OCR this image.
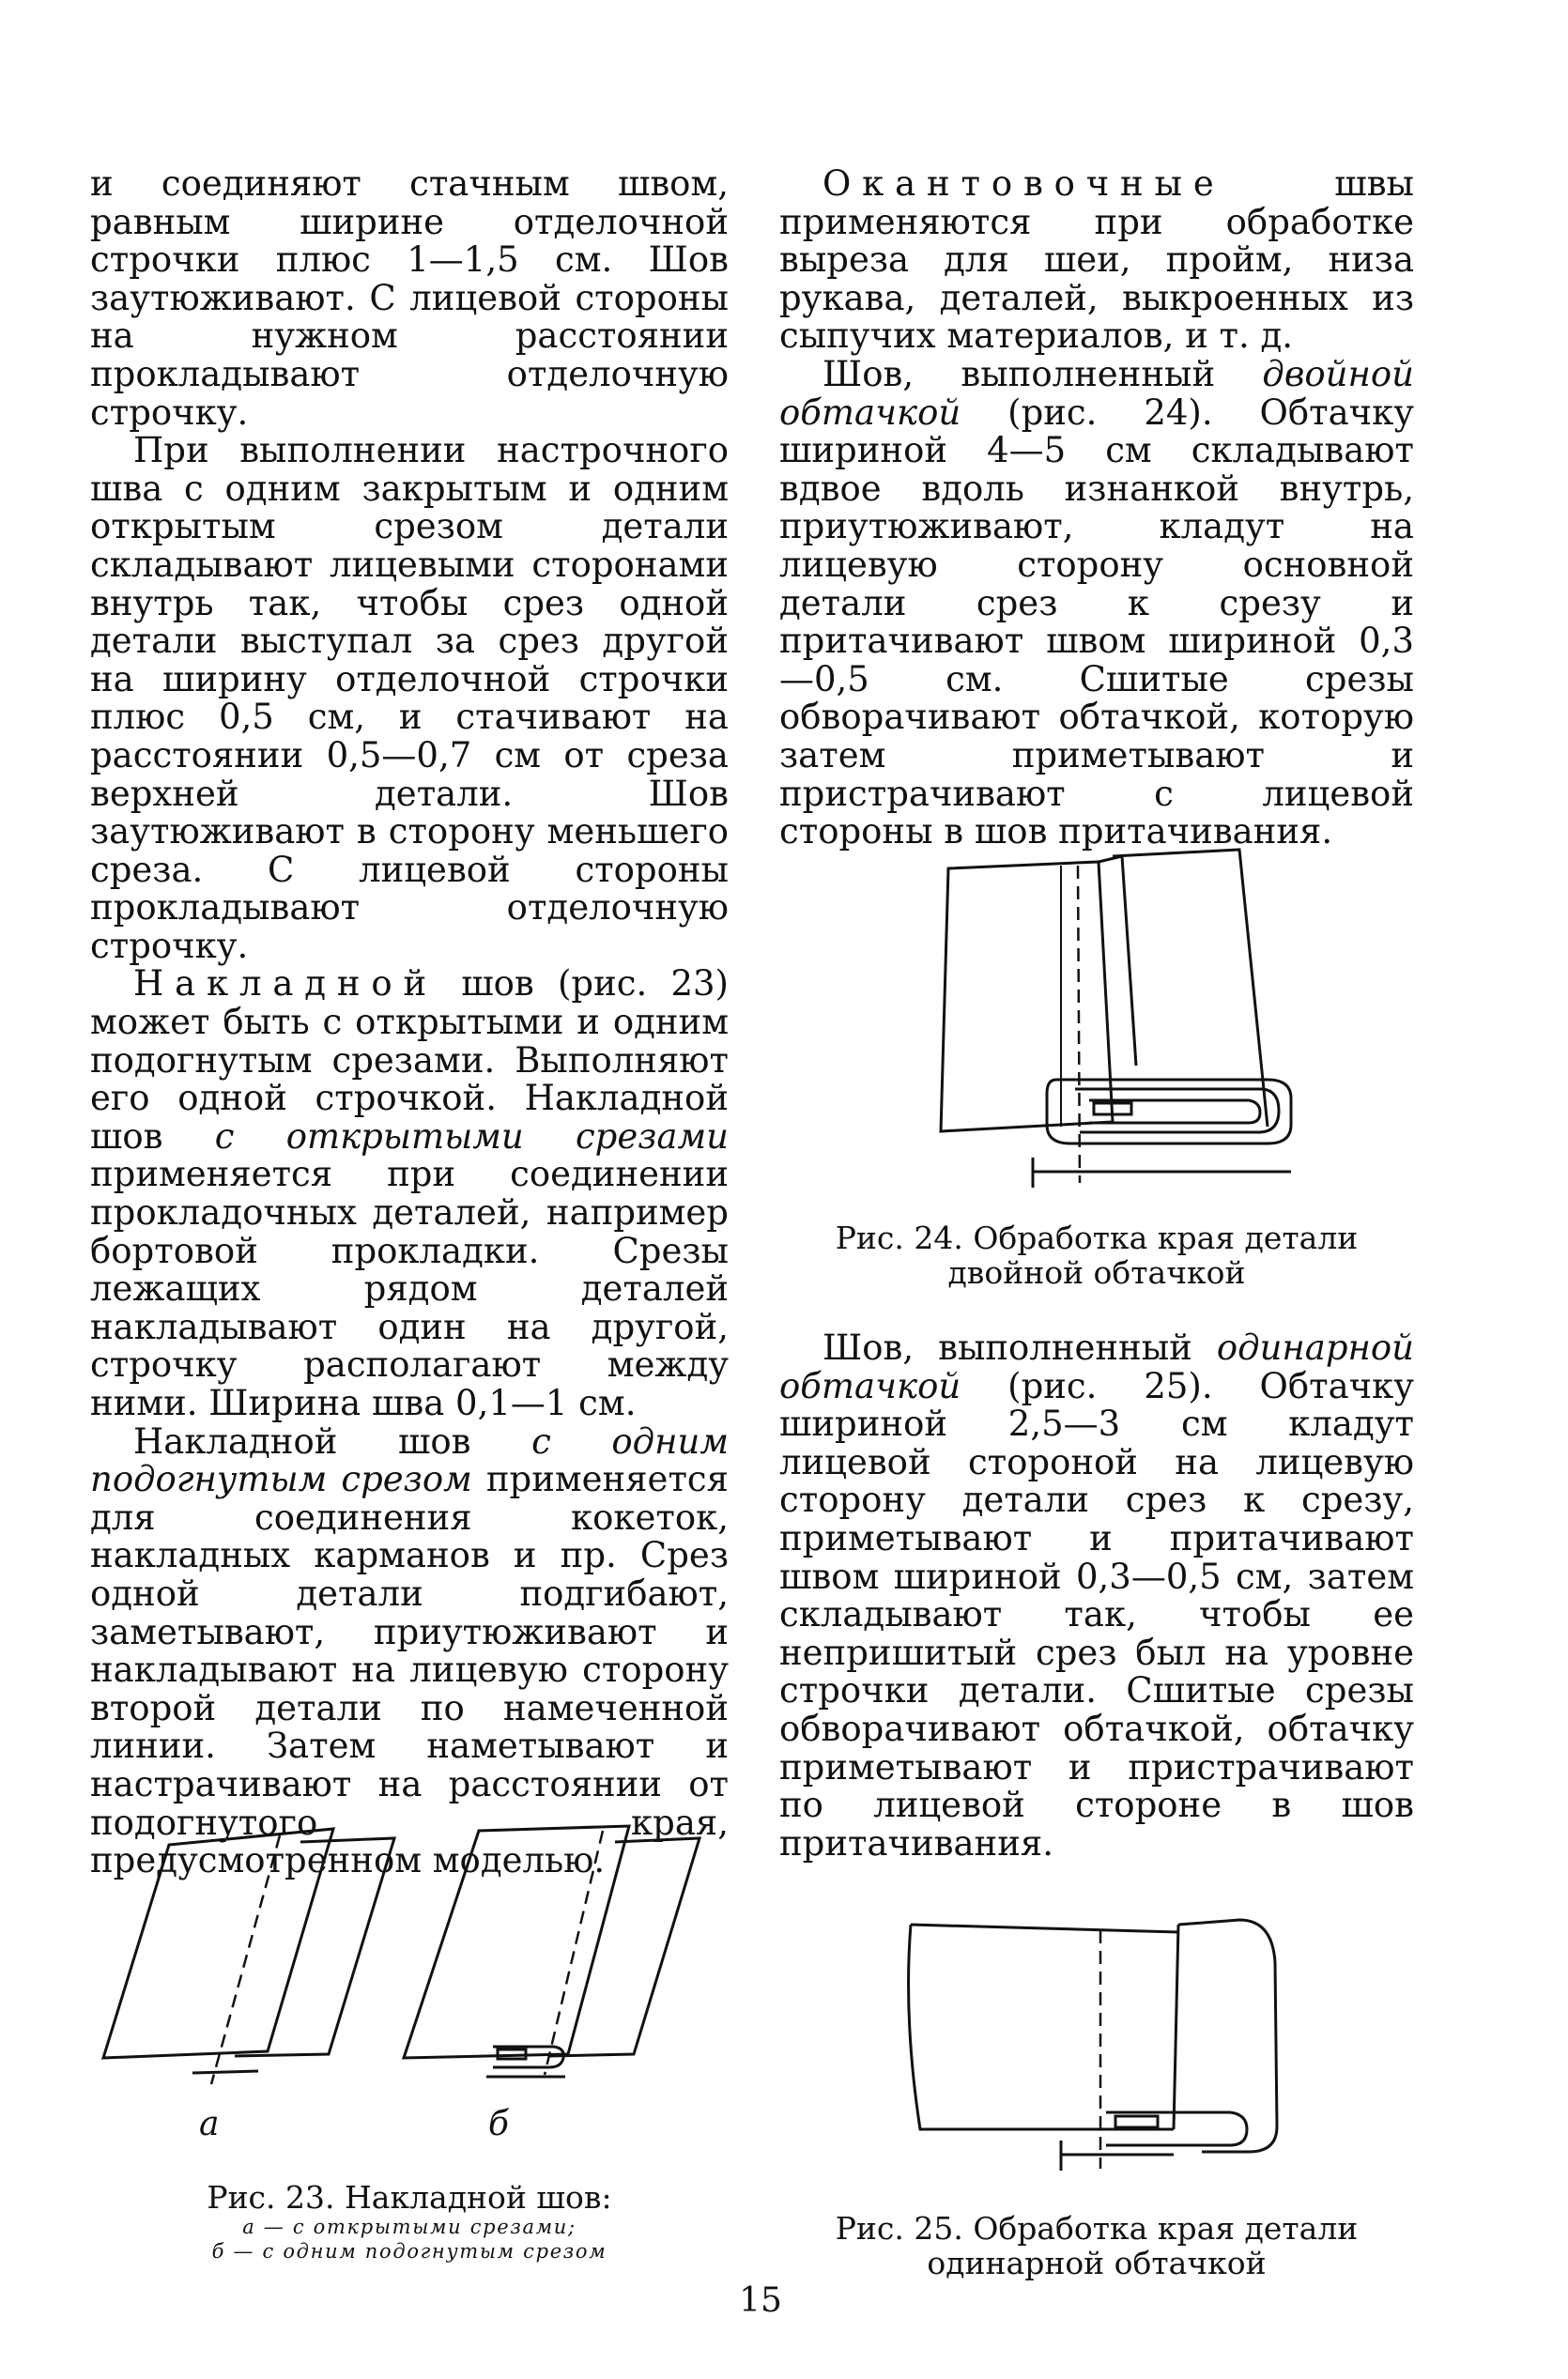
и соединяют стачным швом, равным ширине отделочной строчки плюс 1—1,5 см. Шов заутюживают. С лицевой стороны на нужном расстоянии прокладывают отделочную строчку.

При выполнении настрочного шва с одним закрытым и одним открытым срезом детали складывают лицевыми сторонами внутрь так, чтобы срез одной детали выступал за срез другой на ширину отделочной строчки плюс 0,5 см, и стачивают на расстоянии 0,5—0,7 см от среза верхней детали. Шов заутюживают в сторону меньшего среза. С лицевой стороны прокладывают отделочную строчку.

Накладной шов (рис. 23) может быть с открытыми и одним подогнутым срезами. Выполняют его одной строчкой. Накладной шов с открытыми срезами применяется при соединении прокладочных деталей, например бортовой прокладки. Срезы лежащих рядом деталей накладывают один на другой, строчку располагают между ними. Ширина шва 0,1—1 см.

Накладной шов с одним подогнутым срезом применяется для соединения кокеток, накладных карманов и пр. Срез одной детали подгибают, заметывают, приутюживают и накладывают на лицевую сторону второй детали по намеченной линии. Затем наметывают и настрачивают на расстоянии от подогнутого края, предусмотренном моделью.

Окантовочные швы применяются при обработке выреза для шеи, пройм, низа рукава, деталей, выкроенных из сыпучих материалов, и т. д.

Шов, выполненный двойной обтачкой (рис. 24). Обтачку шириной 4—5 см складывают вдвое вдоль изнанкой внутрь, приутюживают, кладут на лицевую сторону основной детали срез к срезу и притачивают швом шириной 0,3—0,5 см. Сшитые срезы обворачивают обтачкой, которую затем приметывают и пристрачивают с лицевой стороны в шов притачивания.

Рис. 24. Обработка края детали
двойной обтачкой

Шов, выполненный одинарной обтачкой (рис. 25). Обтачку шириной 2,5—3 см кладут лицевой стороной на лицевую сторону детали срез к срезу, приметывают и притачивают швом шириной 0,3—0,5 см, затем складывают так, чтобы ее непришитый срез был на уровне строчки детали. Сшитые срезы обворачивают обтачкой, обтачку приметывают и пристрачивают по лицевой стороне в шов притачивания.

Рис. 25. Обработка края детали
одинарной обтачкой
а	б
Рис. 23. Накладной шов:
а — с открытыми срезами;
б — с одним подогнутым срезом
15
